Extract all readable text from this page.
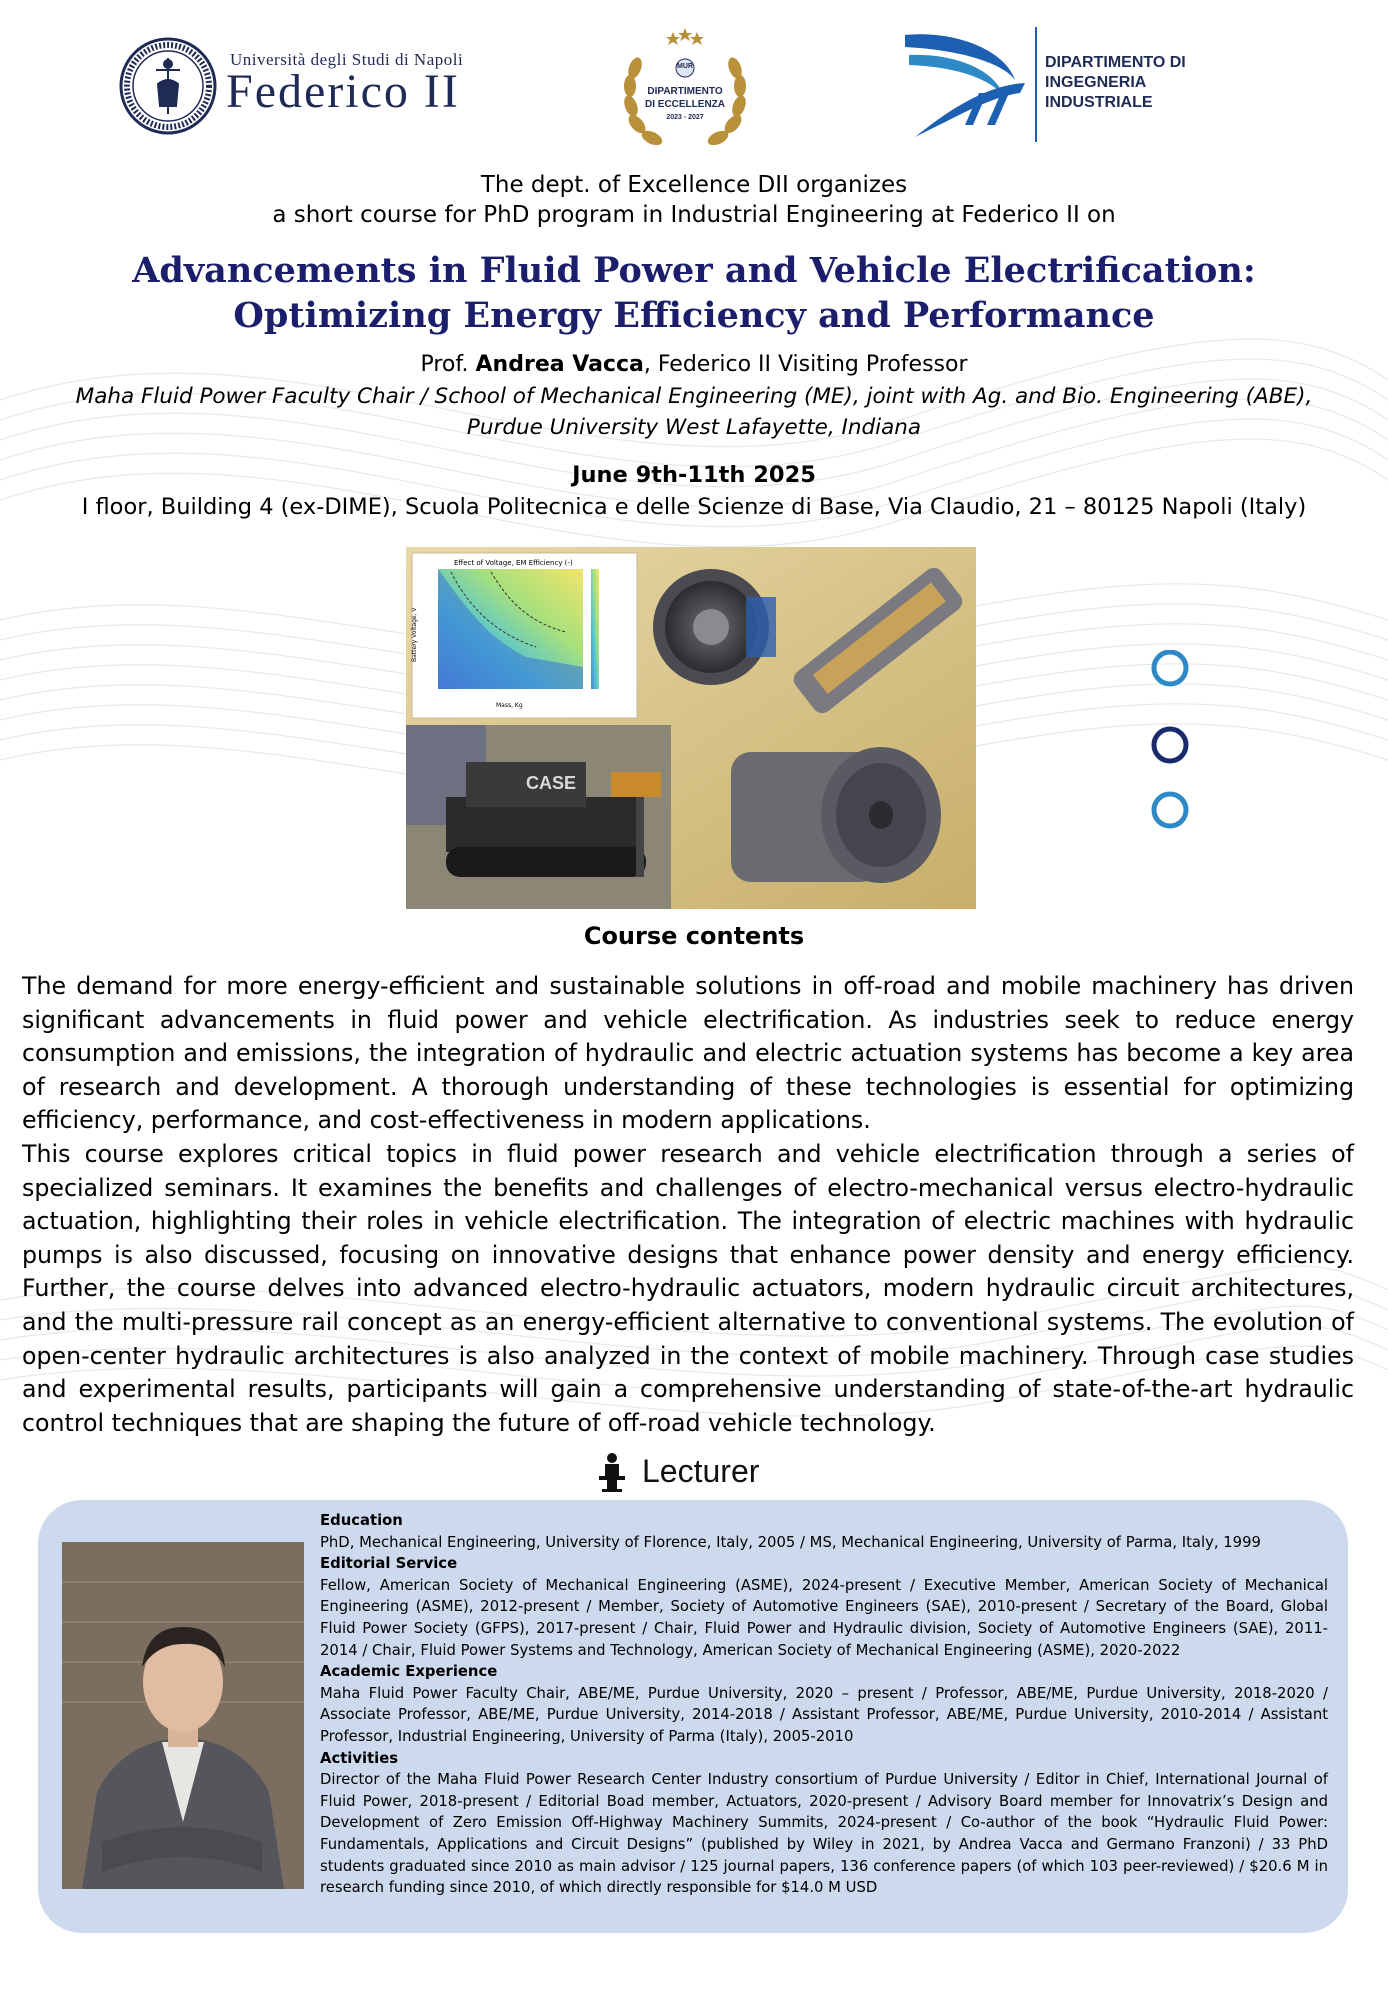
Università degli Studi di Napoli
Federico II	MUR
DIPARTIMENTO
DI ECCELLENZA
2023 - 2027
DIPARTIMENTO DI
INGEGNERIA
INDUSTRIALE
The dept. of Excellence DII organizes
a short course for PhD program in Industrial Engineering at Federico II on
Advancements in Fluid Power and Vehicle Electrification:
Optimizing Energy Efficiency and Performance
Prof. Andrea Vacca, Federico II Visiting Professor
Maha Fluid Power Faculty Chair / School of Mechanical Engineering (ME), joint with Ag. and Bio. Engineering (ABE),
Purdue University West Lafayette, Indiana
June 9th-11th 2025
I floor, Building 4 (ex-DIME), Scuola Politecnica e delle Scienze di Base, Via Claudio, 21 – 80125 Napoli (Italy)
Effect of Voltage, EM Efficiency (-)
Battery Voltage, V
Mass, Kg
CASE
Course contents

The demand for more energy-efficient and sustainable solutions in off-road and mobile machinery has driven significant advancements in fluid power and vehicle electrification. As industries seek to reduce energy consumption and emissions, the integration of hydraulic and electric actuation systems has become a key area of research and development. A thorough understanding of these technologies is essential for optimizing efficiency, performance, and cost-effectiveness in modern applications.

This course explores critical topics in fluid power research and vehicle electrification through a series of specialized seminars. It examines the benefits and challenges of electro-mechanical versus electro-hydraulic actuation, highlighting their roles in vehicle electrification. The integration of electric machines with hydraulic pumps is also discussed, focusing on innovative designs that enhance power density and energy efficiency. Further, the course delves into advanced electro-hydraulic actuators, modern hydraulic circuit architectures, and the multi-pressure rail concept as an energy-efficient alternative to conventional systems. The evolution of open-center hydraulic architectures is also analyzed in the context of mobile machinery. Through case studies and experimental results, participants will gain a comprehensive understanding of state-of-the-art hydraulic control techniques that are shaping the future of off-road vehicle technology.

Lecturer
Education

PhD, Mechanical Engineering, University of Florence, Italy, 2005 / MS, Mechanical Engineering, University of Parma, Italy, 1999

Editorial Service

Fellow, American Society of Mechanical Engineering (ASME), 2024-present / Executive Member, American Society of Mechanical Engineering (ASME), 2012-present / Member, Society of Automotive Engineers (SAE), 2010-present / Secretary of the Board, Global Fluid Power Society (GFPS), 2017-present / Chair, Fluid Power and Hydraulic division, Society of Automotive Engineers (SAE), 2011-2014 / Chair, Fluid Power Systems and Technology, American Society of Mechanical Engineering (ASME), 2020-2022

Academic Experience

Maha Fluid Power Faculty Chair, ABE/ME, Purdue University, 2020 – present / Professor, ABE/ME, Purdue University, 2018-2020 / Associate Professor, ABE/ME, Purdue University, 2014-2018 / Assistant Professor, ABE/ME, Purdue University, 2010-2014 / Assistant Professor, Industrial Engineering, University of Parma (Italy), 2005-2010

Activities

Director of the Maha Fluid Power Research Center Industry consortium of Purdue University / Editor in Chief, International Journal of Fluid Power, 2018-present / Editorial Boad member, Actuators, 2020-present / Advisory Board member for Innovatrix’s Design and Development of Zero Emission Off-Highway Machinery Summits, 2024-present / Co-author of the book “Hydraulic Fluid Power: Fundamentals, Applications and Circuit Designs” (published by Wiley in 2021, by Andrea Vacca and Germano Franzoni) / 33 PhD students graduated since 2010 as main advisor / 125 journal papers, 136 conference papers (of which 103 peer-reviewed) / $20.6 M in research funding since 2010, of which directly responsible for $14.0 M USD
